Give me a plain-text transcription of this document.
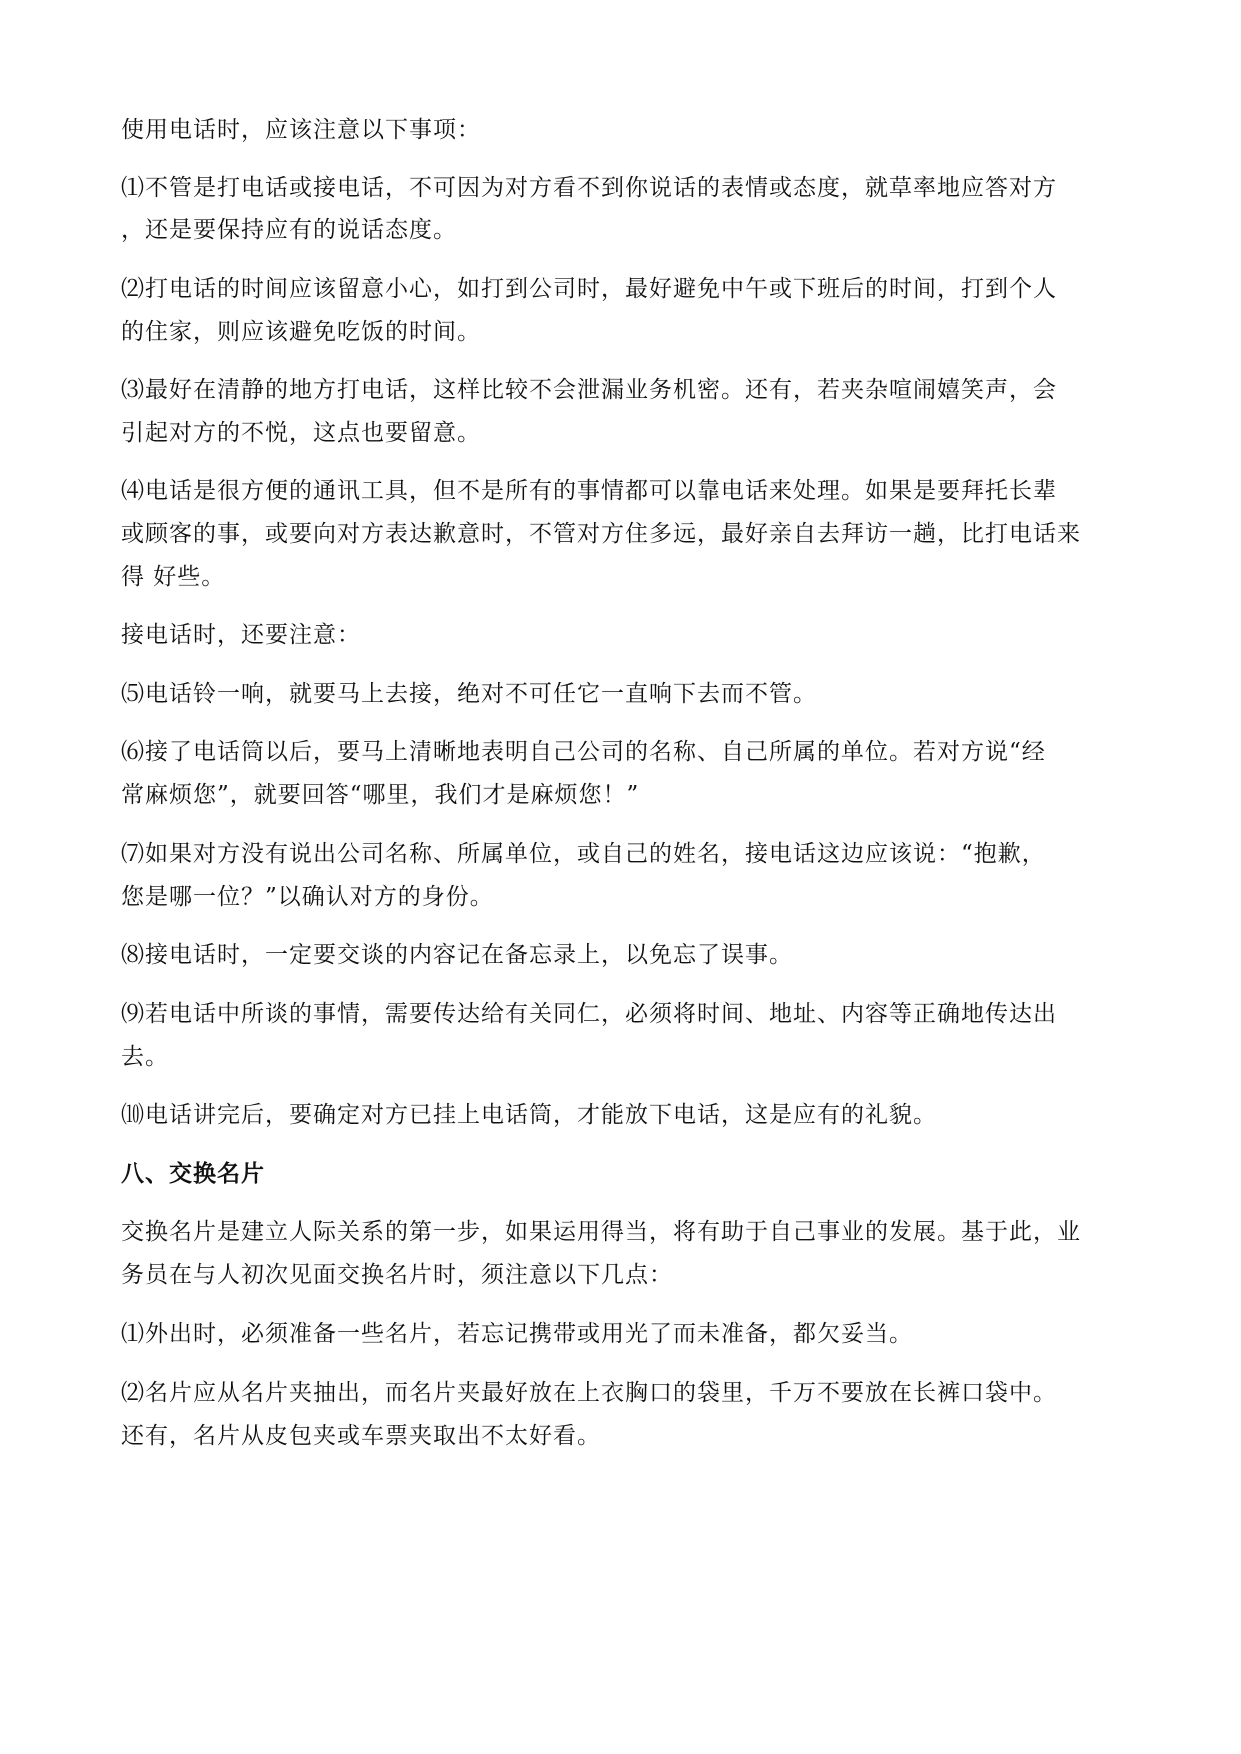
使用电话时，应该注意以下事项：
⑴不管是打电话或接电话，不可因为对方看不到你说话的表情或态度，就草率地应答对方
，还是要保持应有的说话态度。
⑵打电话的时间应该留意小心，如打到公司时，最好避免中午或下班后的时间，打到个人
的住家，则应该避免吃饭的时间。
⑶最好在清静的地方打电话，这样比较不会泄漏业务机密。还有，若夹杂喧闹嬉笑声，会
引起对方的不悦，这点也要留意。
⑷电话是很方便的通讯工具，但不是所有的事情都可以靠电话来处理。如果是要拜托长辈
或顾客的事，或要向对方表达歉意时，不管对方住多远，最好亲自去拜访一趟，比打电话来
得 好些。
接电话时，还要注意：
⑸电话铃一响，就要马上去接，绝对不可任它一直响下去而不管。
⑹接了电话筒以后，要马上清晰地表明自己公司的名称、自己所属的单位。若对方说“经
常麻烦您”，就要回答“哪里，我们才是麻烦您！”
⑺如果对方没有说出公司名称、所属单位，或自己的姓名，接电话这边应该说：“抱歉，
您是哪一位？”以确认对方的身份。
⑻接电话时，一定要交谈的内容记在备忘录上，以免忘了误事。
⑼若电话中所谈的事情，需要传达给有关同仁，必须将时间、地址、内容等正确地传达出
去。
⑽电话讲完后，要确定对方已挂上电话筒，才能放下电话，这是应有的礼貌。
八、交换名片
交换名片是建立人际关系的第一步，如果运用得当，将有助于自己事业的发展。基于此，业
务员在与人初次见面交换名片时，须注意以下几点：
⑴外出时，必须准备一些名片，若忘记携带或用光了而未准备，都欠妥当。
⑵名片应从名片夹抽出，而名片夹最好放在上衣胸口的袋里，千万不要放在长裤口袋中。
还有，名片从皮包夹或车票夹取出不太好看。
